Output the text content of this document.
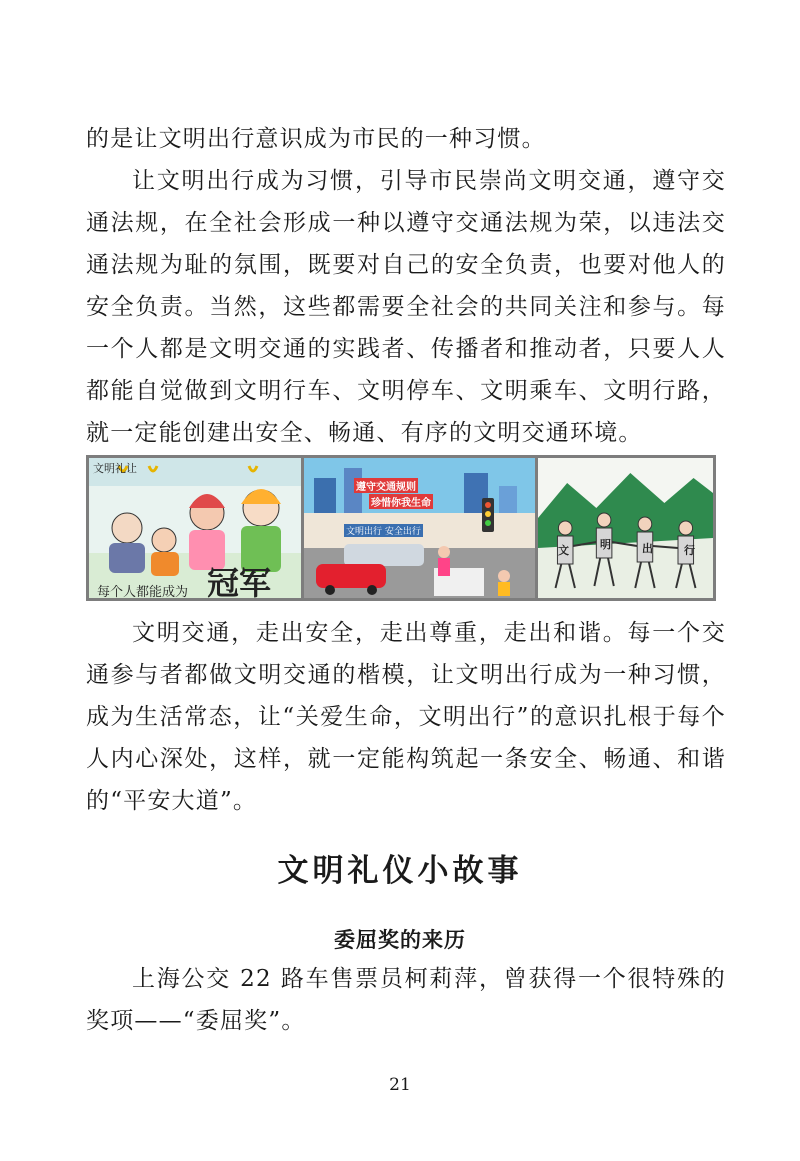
的是让文明出行意识成为市民的一种习惯。

让文明出行成为习惯，引导市民崇尚文明交通，遵守交通法规，在全社会形成一种以遵守交通法规为荣，以违法交通法规为耻的氛围，既要对自己的安全负责，也要对他人的安全负责。当然，这些都需要全社会的共同关注和参与。每一个人都是文明交通的实践者、传播者和推动者，只要人人都能自觉做到文明行车、文明停车、文明乘车、文明行路，就一定能创建出安全、畅通、有序的文明交通环境。

文明礼让
每个人都能成为 冠军
遵守交通规则
珍惜你我生命
文明出行 安全出行
文	明	出	行

文明交通，走出安全，走出尊重，走出和谐。每一个交通参与者都做文明交通的楷模，让文明出行成为一种习惯，成为生活常态，让“关爱生命，文明出行”的意识扎根于每个人内心深处，这样，就一定能构筑起一条安全、畅通、和谐的“平安大道”。

文明礼仪小故事
委屈奖的来历

上海公交 22 路车售票员柯莉萍，曾获得一个很特殊的奖项——“委屈奖”。

21
